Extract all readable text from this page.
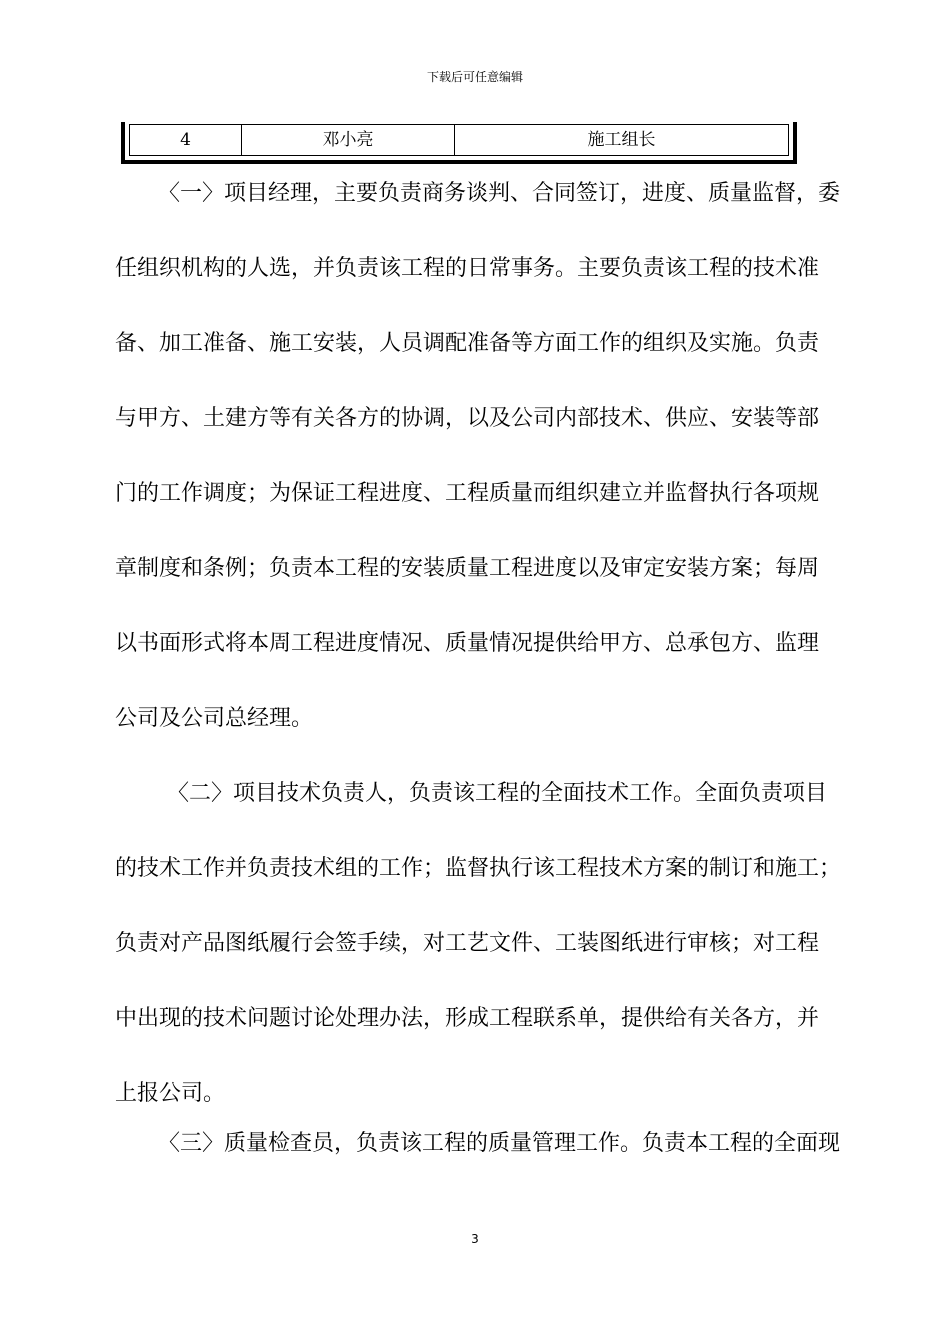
下载后可任意编辑
4	邓小亮	施工组长
〈一〉项目经理，主要负责商务谈判、合同签订，进度、质量监督，委
任组织机构的人选，并负责该工程的日常事务。主要负责该工程的技术准
备、加工准备、施工安装，人员调配准备等方面工作的组织及实施。负责
与甲方、土建方等有关各方的协调，以及公司内部技术、供应、安装等部
门的工作调度；为保证工程进度、工程质量而组织建立并监督执行各项规
章制度和条例；负责本工程的安装质量工程进度以及审定安装方案；每周
以书面形式将本周工程进度情况、质量情况提供给甲方、总承包方、监理
公司及公司总经理。
〈二〉项目技术负责人，负责该工程的全面技术工作。全面负责项目
的技术工作并负责技术组的工作；监督执行该工程技术方案的制订和施工；
负责对产品图纸履行会签手续，对工艺文件、工装图纸进行审核；对工程
中出现的技术问题讨论处理办法，形成工程联系单，提供给有关各方，并
上报公司。
〈三〉质量检查员，负责该工程的质量管理工作。负责本工程的全面现
3
